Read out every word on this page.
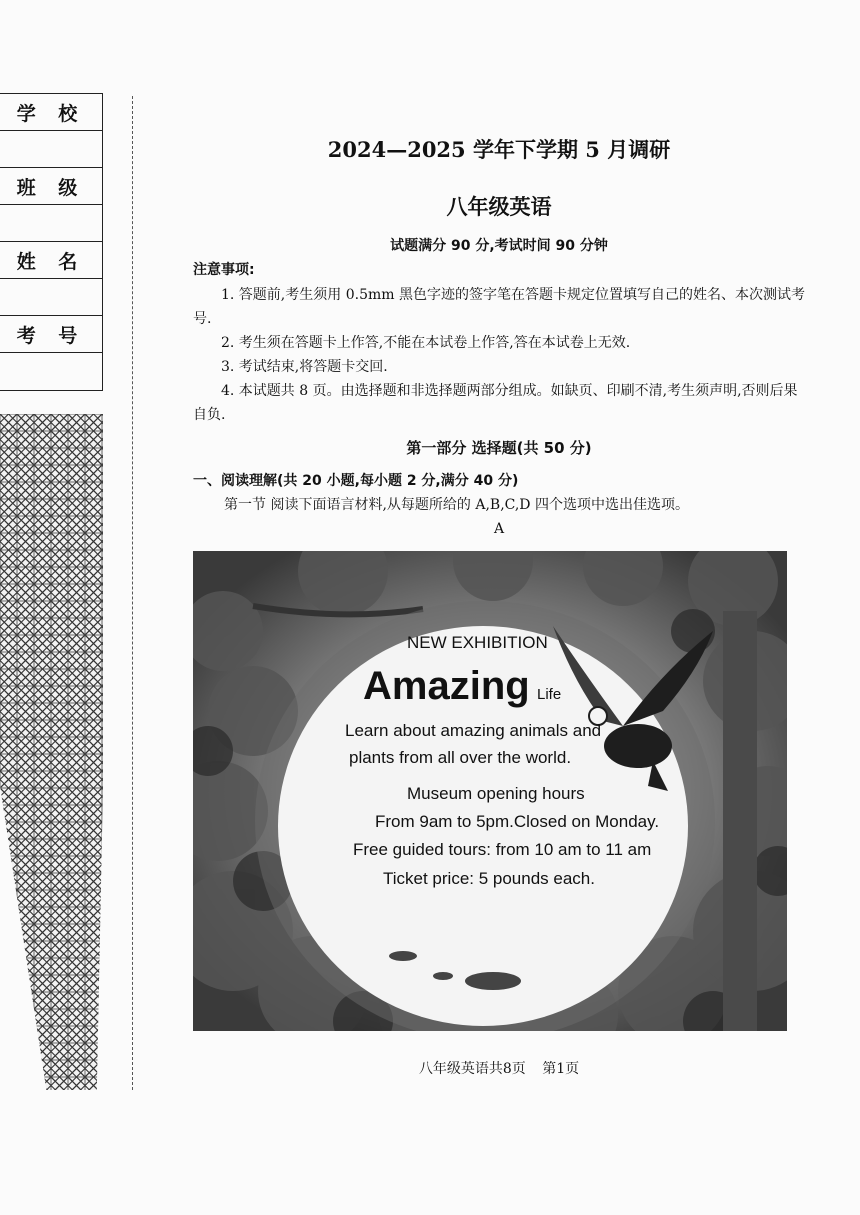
学 校
班 级
姓 名
考 号
2024—2025 学年下学期 5 月调研
八年级英语
试题满分 90 分,考试时间 90 分钟
注意事项:
1. 答题前,考生须用 0.5mm 黑色字迹的签字笔在答题卡规定位置填写自己的姓名、本次测试考号.
2. 考生须在答题卡上作答,不能在本试卷上作答,答在本试卷上无效.
3. 考试结束,将答题卡交回.
4. 本试题共 8 页。由选择题和非选择题两部分组成。如缺页、印刷不清,考生须声明,否则后果自负.
第一部分 选择题(共 50 分)
一、阅读理解(共 20 小题,每小题 2 分,满分 40 分)
第一节 阅读下面语言材料,从每题所给的 A,B,C,D 四个选项中选出佳选项。
A
NEW EXHIBITION
Amazing Life
Learn about amazing animals and
plants from all over the world.
Museum opening hours
From 9am to 5pm.Closed on Monday.
Free guided tours: from 10 am to 11 am
Ticket price: 5 pounds each.
八年级英语共8页 第1页
